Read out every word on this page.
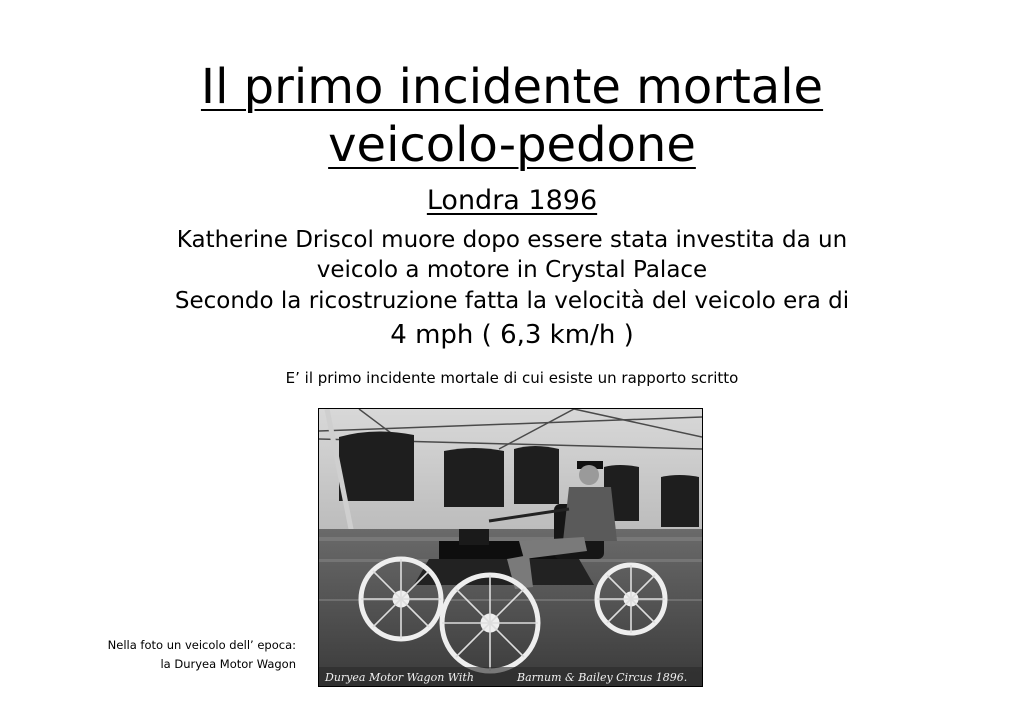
Il primo incidente mortale
veicolo-pedone
Londra 1896
Katherine Driscol muore dopo essere stata investita da un
veicolo a motore in Crystal Palace
Secondo la ricostruzione fatta la velocità del veicolo era di
4 mph ( 6,3 km/h )
E’ il primo incidente mortale di cui esiste un rapporto scritto
Duryea Motor Wagon With	Barnum & Bailey Circus 1896.
Nella foto un veicolo dell’ epoca:
la Duryea Motor Wagon
